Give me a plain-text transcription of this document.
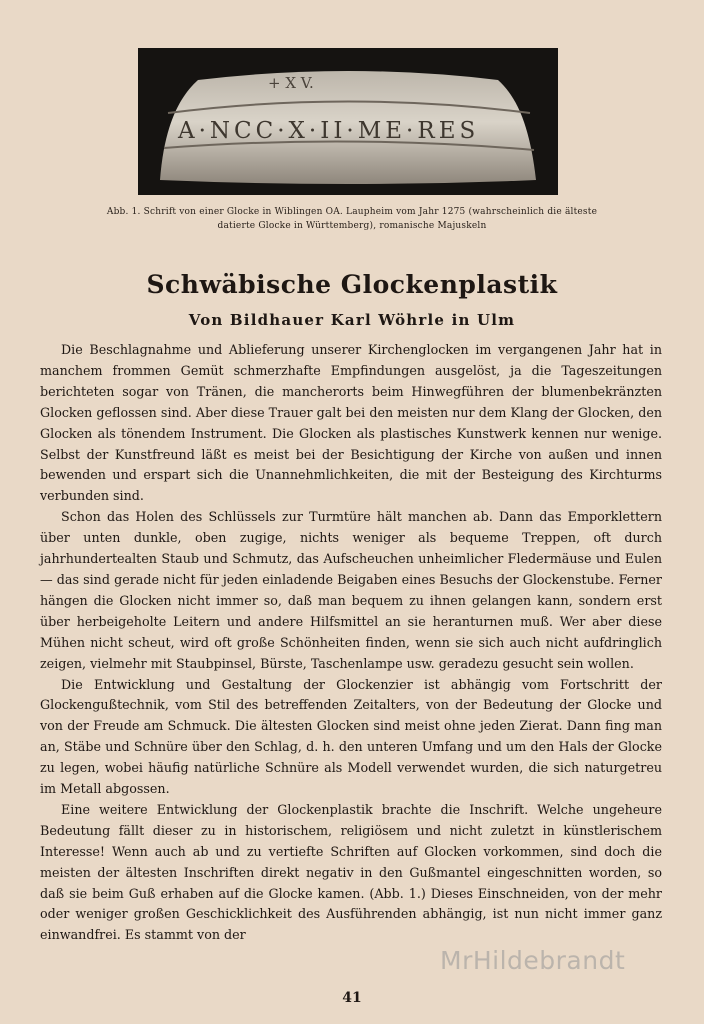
+ X V.
A·NCC·X·II·ME·RES
Abb. 1. Schrift von einer Glocke in Wiblingen OA. Laupheim vom Jahr 1275 (wahrscheinlich die älteste
datierte Glocke in Württemberg), romanische Majuskeln
Schwäbische Glockenplastik
Von Bildhauer Karl Wöhrle in Ulm

Die Beschlagnahme und Ablieferung unserer Kirchenglocken im vergangenen Jahr hat in manchem frommen Gemüt schmerzhafte Empfindungen ausgelöst, ja die Tageszeitungen berichteten sogar von Tränen, die mancherorts beim Hinwegführen der blumenbekränzten Glocken geflossen sind. Aber diese Trauer galt bei den meisten nur dem Klang der Glocken, den Glocken als tönendem Instrument. Die Glocken als plastisches Kunstwerk kennen nur wenige. Selbst der Kunstfreund läßt es meist bei der Besichtigung der Kirche von außen und innen bewenden und erspart sich die Unannehmlichkeiten, die mit der Besteigung des Kirchturms verbunden sind.

Schon das Holen des Schlüssels zur Turmtüre hält manchen ab. Dann das Emporklettern über unten dunkle, oben zugige, nichts weniger als bequeme Treppen, oft durch jahrhundertealten Staub und Schmutz, das Aufscheuchen unheimlicher Fledermäuse und Eulen — das sind gerade nicht für jeden einladende Beigaben eines Besuchs der Glockenstube. Ferner hängen die Glocken nicht immer so, daß man bequem zu ihnen gelangen kann, sondern erst über herbeigeholte Leitern und andere Hilfsmittel an sie heranturnen muß. Wer aber diese Mühen nicht scheut, wird oft große Schönheiten finden, wenn sie sich auch nicht aufdringlich zeigen, vielmehr mit Staubpinsel, Bürste, Taschenlampe usw. geradezu gesucht sein wollen.

Die Entwicklung und Gestaltung der Glockenzier ist abhängig vom Fortschritt der Glockengußtechnik, vom Stil des betreffenden Zeitalters, von der Bedeutung der Glocke und von der Freude am Schmuck. Die ältesten Glocken sind meist ohne jeden Zierat. Dann fing man an, Stäbe und Schnüre über den Schlag, d. h. den unteren Umfang und um den Hals der Glocke zu legen, wobei häufig natürliche Schnüre als Modell verwendet wurden, die sich naturgetreu im Metall abgossen.

Eine weitere Entwicklung der Glockenplastik brachte die Inschrift. Welche ungeheure Bedeutung fällt dieser zu in historischem, religiösem und nicht zuletzt in künstlerischem Interesse! Wenn auch ab und zu vertiefte Schriften auf Glocken vorkommen, sind doch die meisten der ältesten Inschriften direkt negativ in den Gußmantel eingeschnitten worden, so daß sie beim Guß erhaben auf die Glocke kamen. (Abb. 1.) Dieses Einschneiden, von der mehr oder weniger großen Geschicklichkeit des Ausführenden abhängig, ist nun nicht immer ganz einwandfrei. Es stammt von der

MrHildebrandt
41
